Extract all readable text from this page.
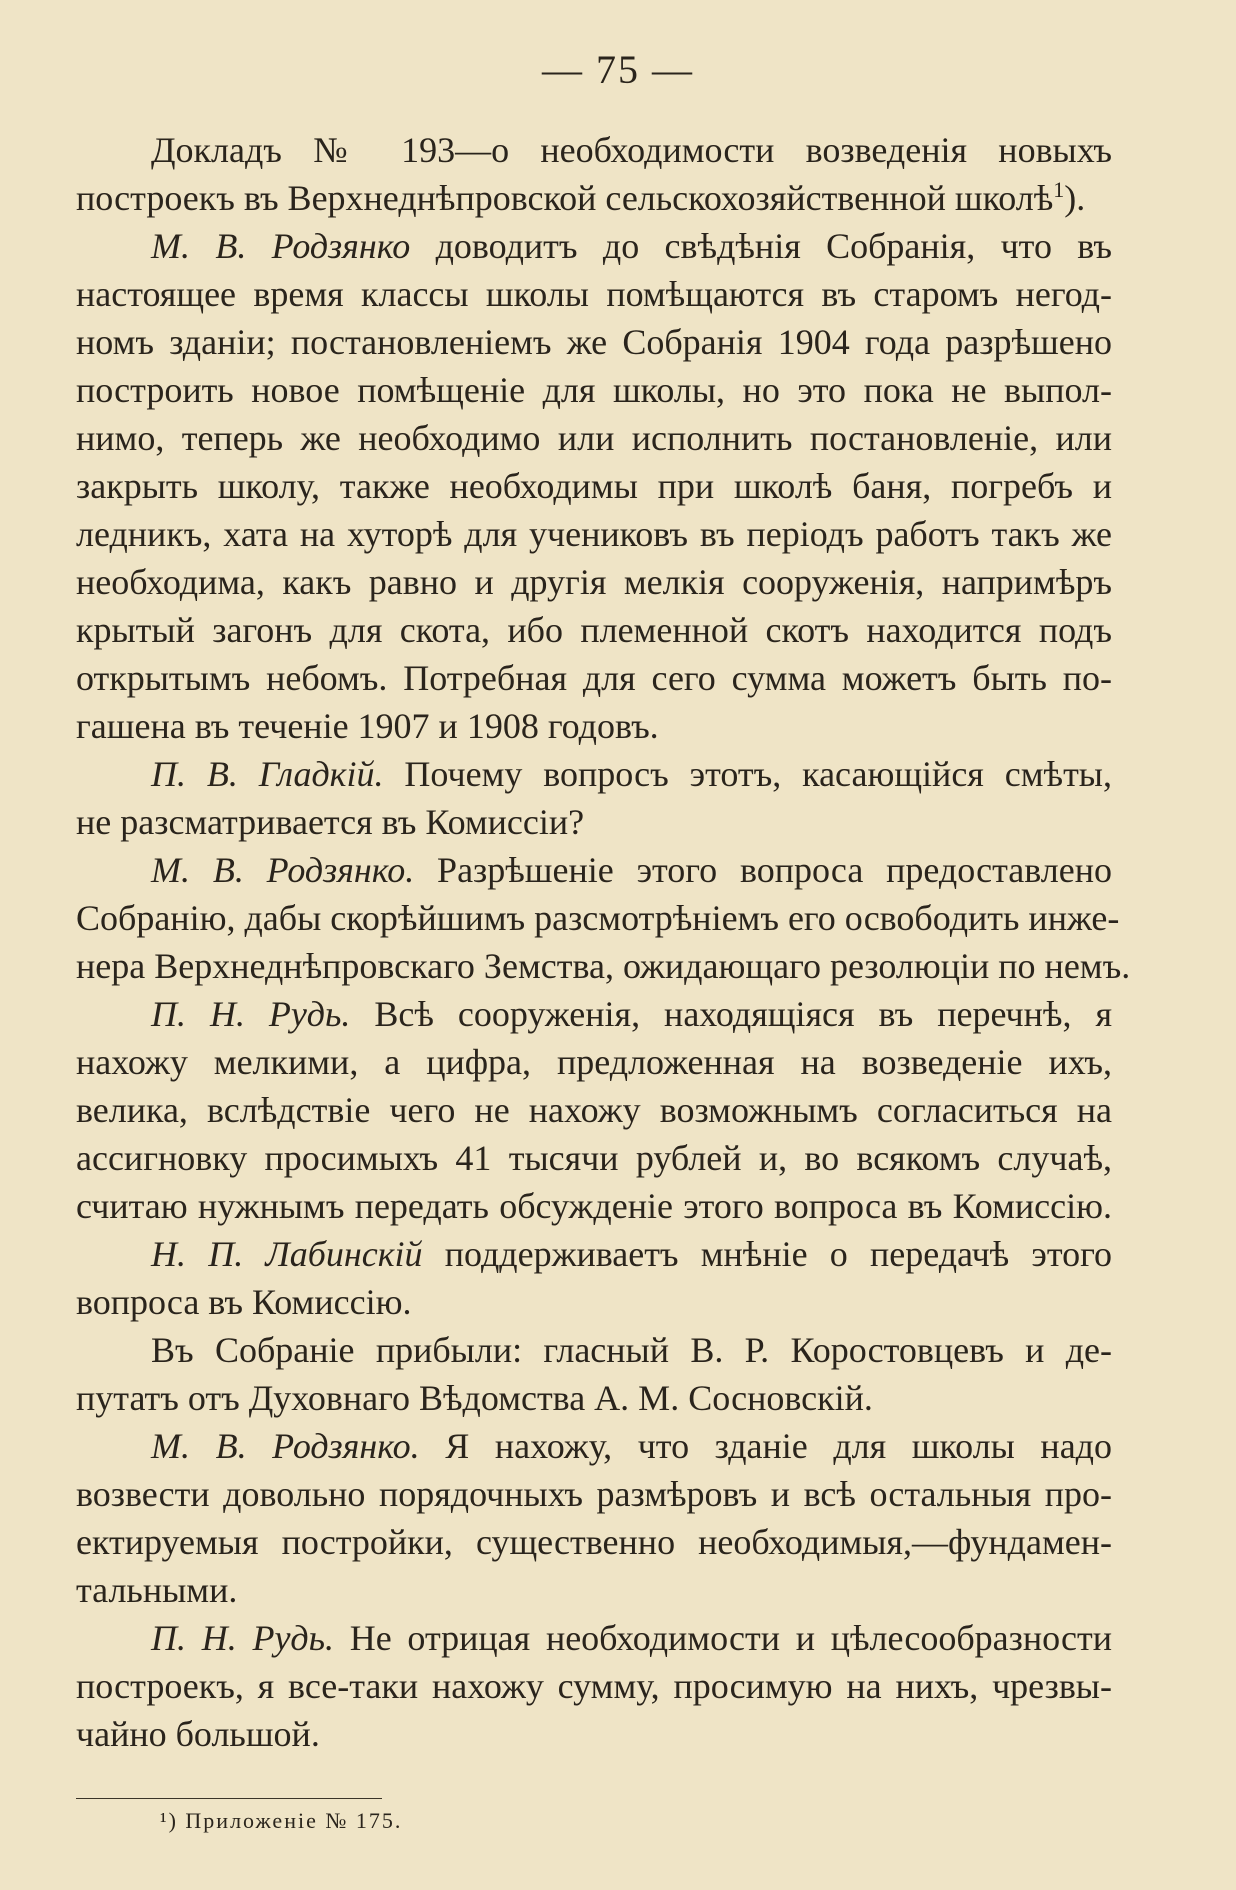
— 75 —
Докладъ № 193—о необходимости возведенія новыхъ
построекъ въ Верхнеднѣпровской сельскохозяйственной школѣ$^1$).
М. В. Родзянко доводитъ до свѣдѣнія Собранія, что въ
настоящее время классы школы помѣщаются въ старомъ негод-
номъ зданіи; постановленіемъ же Собранія 1904 года разрѣшено
построить новое помѣщеніе для школы, но это пока не выпол-
нимо, теперь же необходимо или исполнить постановленіе, или
закрыть школу, также необходимы при школѣ баня, погребъ и
ледникъ, хата на хуторѣ для учениковъ въ періодъ работъ такъ же
необходима, какъ равно и другія мелкія сооруженія, напримѣръ
крытый загонъ для скота, ибо племенной скотъ находится подъ
открытымъ небомъ. Потребная для сего сумма можетъ быть по-
гашена въ теченіе 1907 и 1908 годовъ.
П. В. Гладкій. Почему вопросъ этотъ, касающійся смѣты,
не разсматривается въ Комиссіи?
М. В. Родзянко. Разрѣшеніе этого вопроса предоставлено
Собранію, дабы скорѣйшимъ разсмотрѣніемъ его освободить инже-
нера Верхнеднѣпровскаго Земства, ожидающаго резолюціи по немъ.
П. Н. Рудь. Всѣ сооруженія, находящіяся въ перечнѣ, я
нахожу мелкими, а цифра, предложенная на возведеніе ихъ,
велика, вслѣдствіе чего не нахожу возможнымъ согласиться на
ассигновку просимыхъ 41 тысячи рублей и, во всякомъ случаѣ,
считаю нужнымъ передать обсужденіе этого вопроса въ Комиссію.
Н. П. Лабинскій поддерживаетъ мнѣніе о передачѣ этого
вопроса въ Комиссію.
Въ Собраніе прибыли: гласный В. Р. Коростовцевъ и де-
путатъ отъ Духовнаго Вѣдомства А. М. Сосновскій.
М. В. Родзянко. Я нахожу, что зданіе для школы надо
возвести довольно порядочныхъ размѣровъ и всѣ остальныя про-
ектируемыя постройки, существенно необходимыя,—фундамен-
тальными.
П. Н. Рудь. Не отрицая необходимости и цѣлесообразности
построекъ, я все-таки нахожу сумму, просимую на нихъ, чрезвы-
чайно большой.
¹) Приложеніе № 175.
